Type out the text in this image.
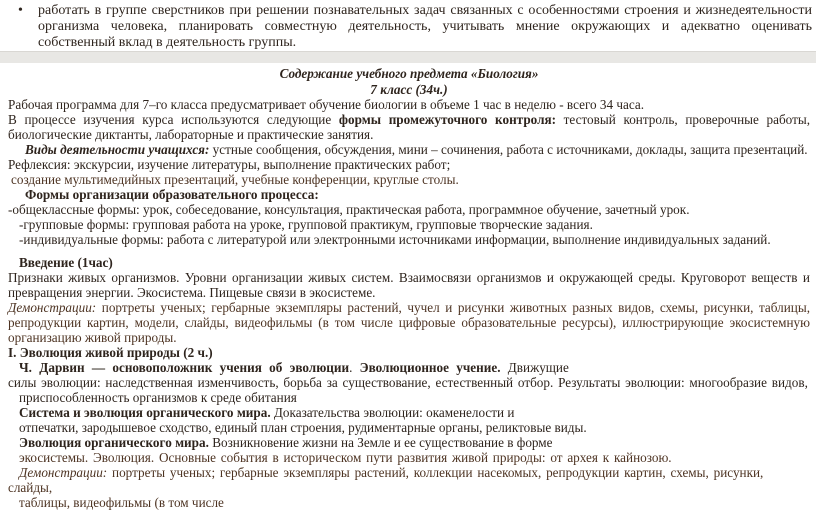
• работать в группе сверстников при решении познавательных задач связанных с особенностями строения и жизнедеятельности организма человека, планировать совместную деятельность, учитывать мнение окружающих и адекватно оценивать собственный вклад в деятельность группы.

Содержание учебного предмета «Биология»

7 класс (34ч.)

Рабочая программа для 7–го класса предусматривает обучение биологии в объеме 1 час в неделю - всего 34 часа.

В процессе изучения курса используются следующие формы промежуточного контроля: тестовый контроль, проверочные работы, биологические диктанты, лабораторные и практические занятия.

Виды деятельности учащихся: устные сообщения, обсуждения, мини – сочинения, работа с источниками, доклады, защита презентаций.

Рефлексия: экскурсии, изучение литературы, выполнение практических работ;

создание мультимедийных презентаций, учебные конференции, круглые столы.

Формы организации образовательного процесса:

-общеклассные формы: урок, собеседование, консультация, практическая работа, программное обучение, зачетный урок.

-групповые формы: групповая работа на уроке, групповой практикум, групповые творческие задания.

-индивидуальные формы: работа с литературой или электронными источниками информации, выполнение индивидуальных заданий.

Введение (1час)

Признаки живых организмов. Уровни организации живых систем. Взаимосвязи организмов и окружающей среды. Круговорот веществ и превращения энергии. Экосистема. Пищевые связи в экосистеме.

Демонстрации: портреты ученых; гербарные экземпляры растений, чучел и рисунки животных разных видов, схемы, рисунки, таблицы, репродукции картин, модели, слайды, видеофильмы (в том числе цифровые образовательные ресурсы), иллюстрирующие экосистемную организацию живой природы.

I. Эволюция живой природы (2 ч.)

Ч. Дарвин — основоположник учения об эволюции. Эволюционное учение. Движущие

силы эволюции: наследственная изменчивость, борьба за существование, естественный отбор. Результаты эволюции: многообразие видов,

приспособленность организмов к среде обитания

Система и эволюция органического мира. Доказательства эволюции: окаменелости и

отпечатки, зародышевое сходство, единый план строения, рудиментарные органы, реликтовые виды.

Эволюция органического мира. Возникновение жизни на Земле и ее существование в форме

экосистемы. Эволюция. Основные события в историческом пути развития живой природы: от архея к кайнозою.

Демонстрации: портреты ученых; гербарные экземпляры растений, коллекции насекомых, репродукции картин, схемы, рисунки, слайды,

таблицы, видеофильмы (в том числе
